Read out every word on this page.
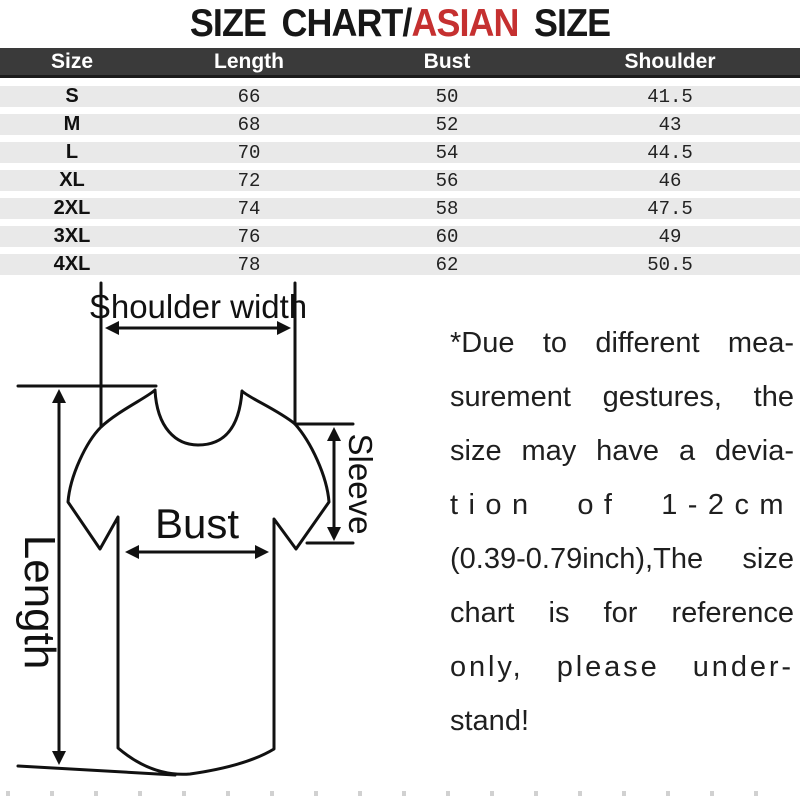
SIZE CHART/ASIAN SIZE
Size	Length	Bust	Shoulder
S	66	50	41.5
M	68	52	43
L	70	54	44.5
XL	72	56	46
2XL	74	58	47.5
3XL	76	60	49
4XL	78	62	50.5
Shoulder width
Bust	Sleeve
Length
*Due to different mea-
surement gestures, the
size may have a devia-
tion of 1-2cm
(0.39-0.79inch),The size
chart is for reference
only, please under-
stand!
